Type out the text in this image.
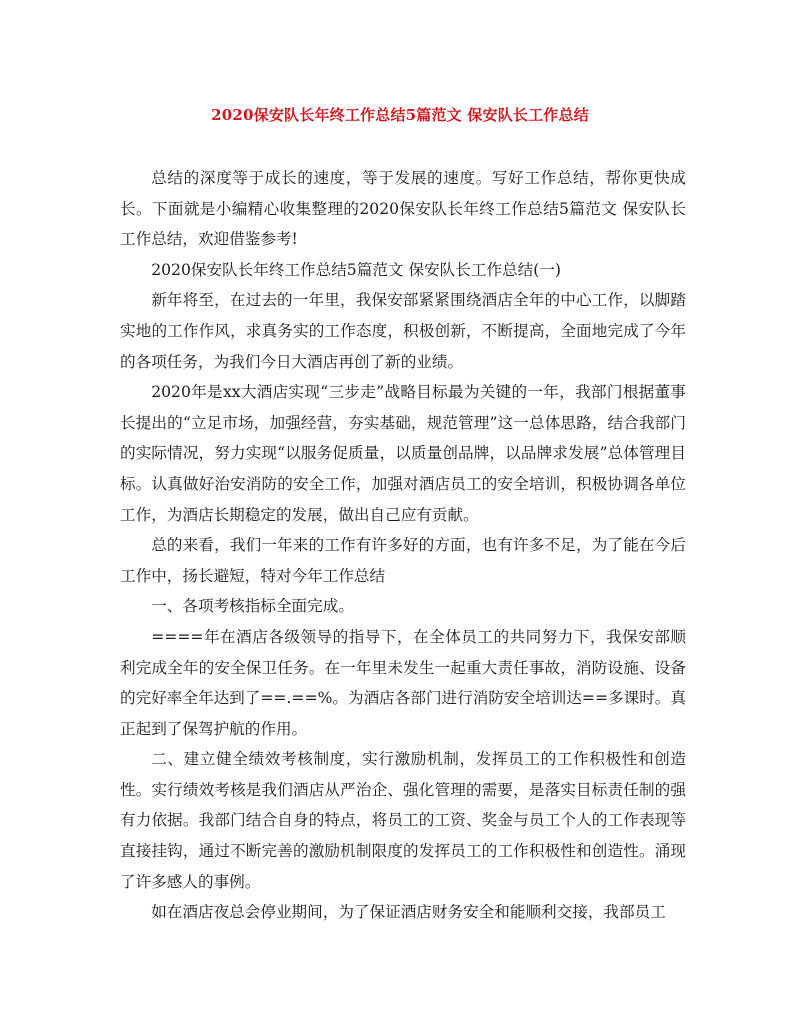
2020保安队长年终工作总结5篇范文 保安队长工作总结

总结的深度等于成长的速度，等于发展的速度。写好工作总结，帮你更快成长。下面就是小编精心收集整理的2020保安队长年终工作总结5篇范文 保安队长工作总结，欢迎借鉴参考!

2020保安队长年终工作总结5篇范文 保安队长工作总结(一)

新年将至，在过去的一年里，我保安部紧紧围绕酒店全年的中心工作，以脚踏实地的工作作风，求真务实的工作态度，积极创新，不断提高，全面地完成了今年的各项任务，为我们今日大酒店再创了新的业绩。

2020年是xx大酒店实现“三步走”战略目标最为关键的一年，我部门根据董事长提出的“立足市场，加强经营，夯实基础，规范管理”这一总体思路，结合我部门的实际情况，努力实现“以服务促质量，以质量创品牌，以品牌求发展”总体管理目标。认真做好治安消防的安全工作，加强对酒店员工的安全培训，积极协调各单位工作，为酒店长期稳定的发展，做出自己应有贡献。

总的来看，我们一年来的工作有许多好的方面，也有许多不足，为了能在今后工作中，扬长避短，特对今年工作总结

一、各项考核指标全面完成。

====年在酒店各级领导的指导下，在全体员工的共同努力下，我保安部顺利完成全年的安全保卫任务。在一年里未发生一起重大责任事故，消防设施、设备的完好率全年达到了==.==%。为酒店各部门进行消防安全培训达==多课时。真正起到了保驾护航的作用。

二、建立健全绩效考核制度，实行激励机制，发挥员工的工作积极性和创造性。实行绩效考核是我们酒店从严治企、强化管理的需要，是落实目标责任制的强有力依据。我部门结合自身的特点，将员工的工资、奖金与员工个人的工作表现等直接挂钩，通过不断完善的激励机制限度的发挥员工的工作积极性和创造性。涌现了许多感人的事例。

如在酒店夜总会停业期间，为了保证酒店财务安全和能顺利交接，我部员工
